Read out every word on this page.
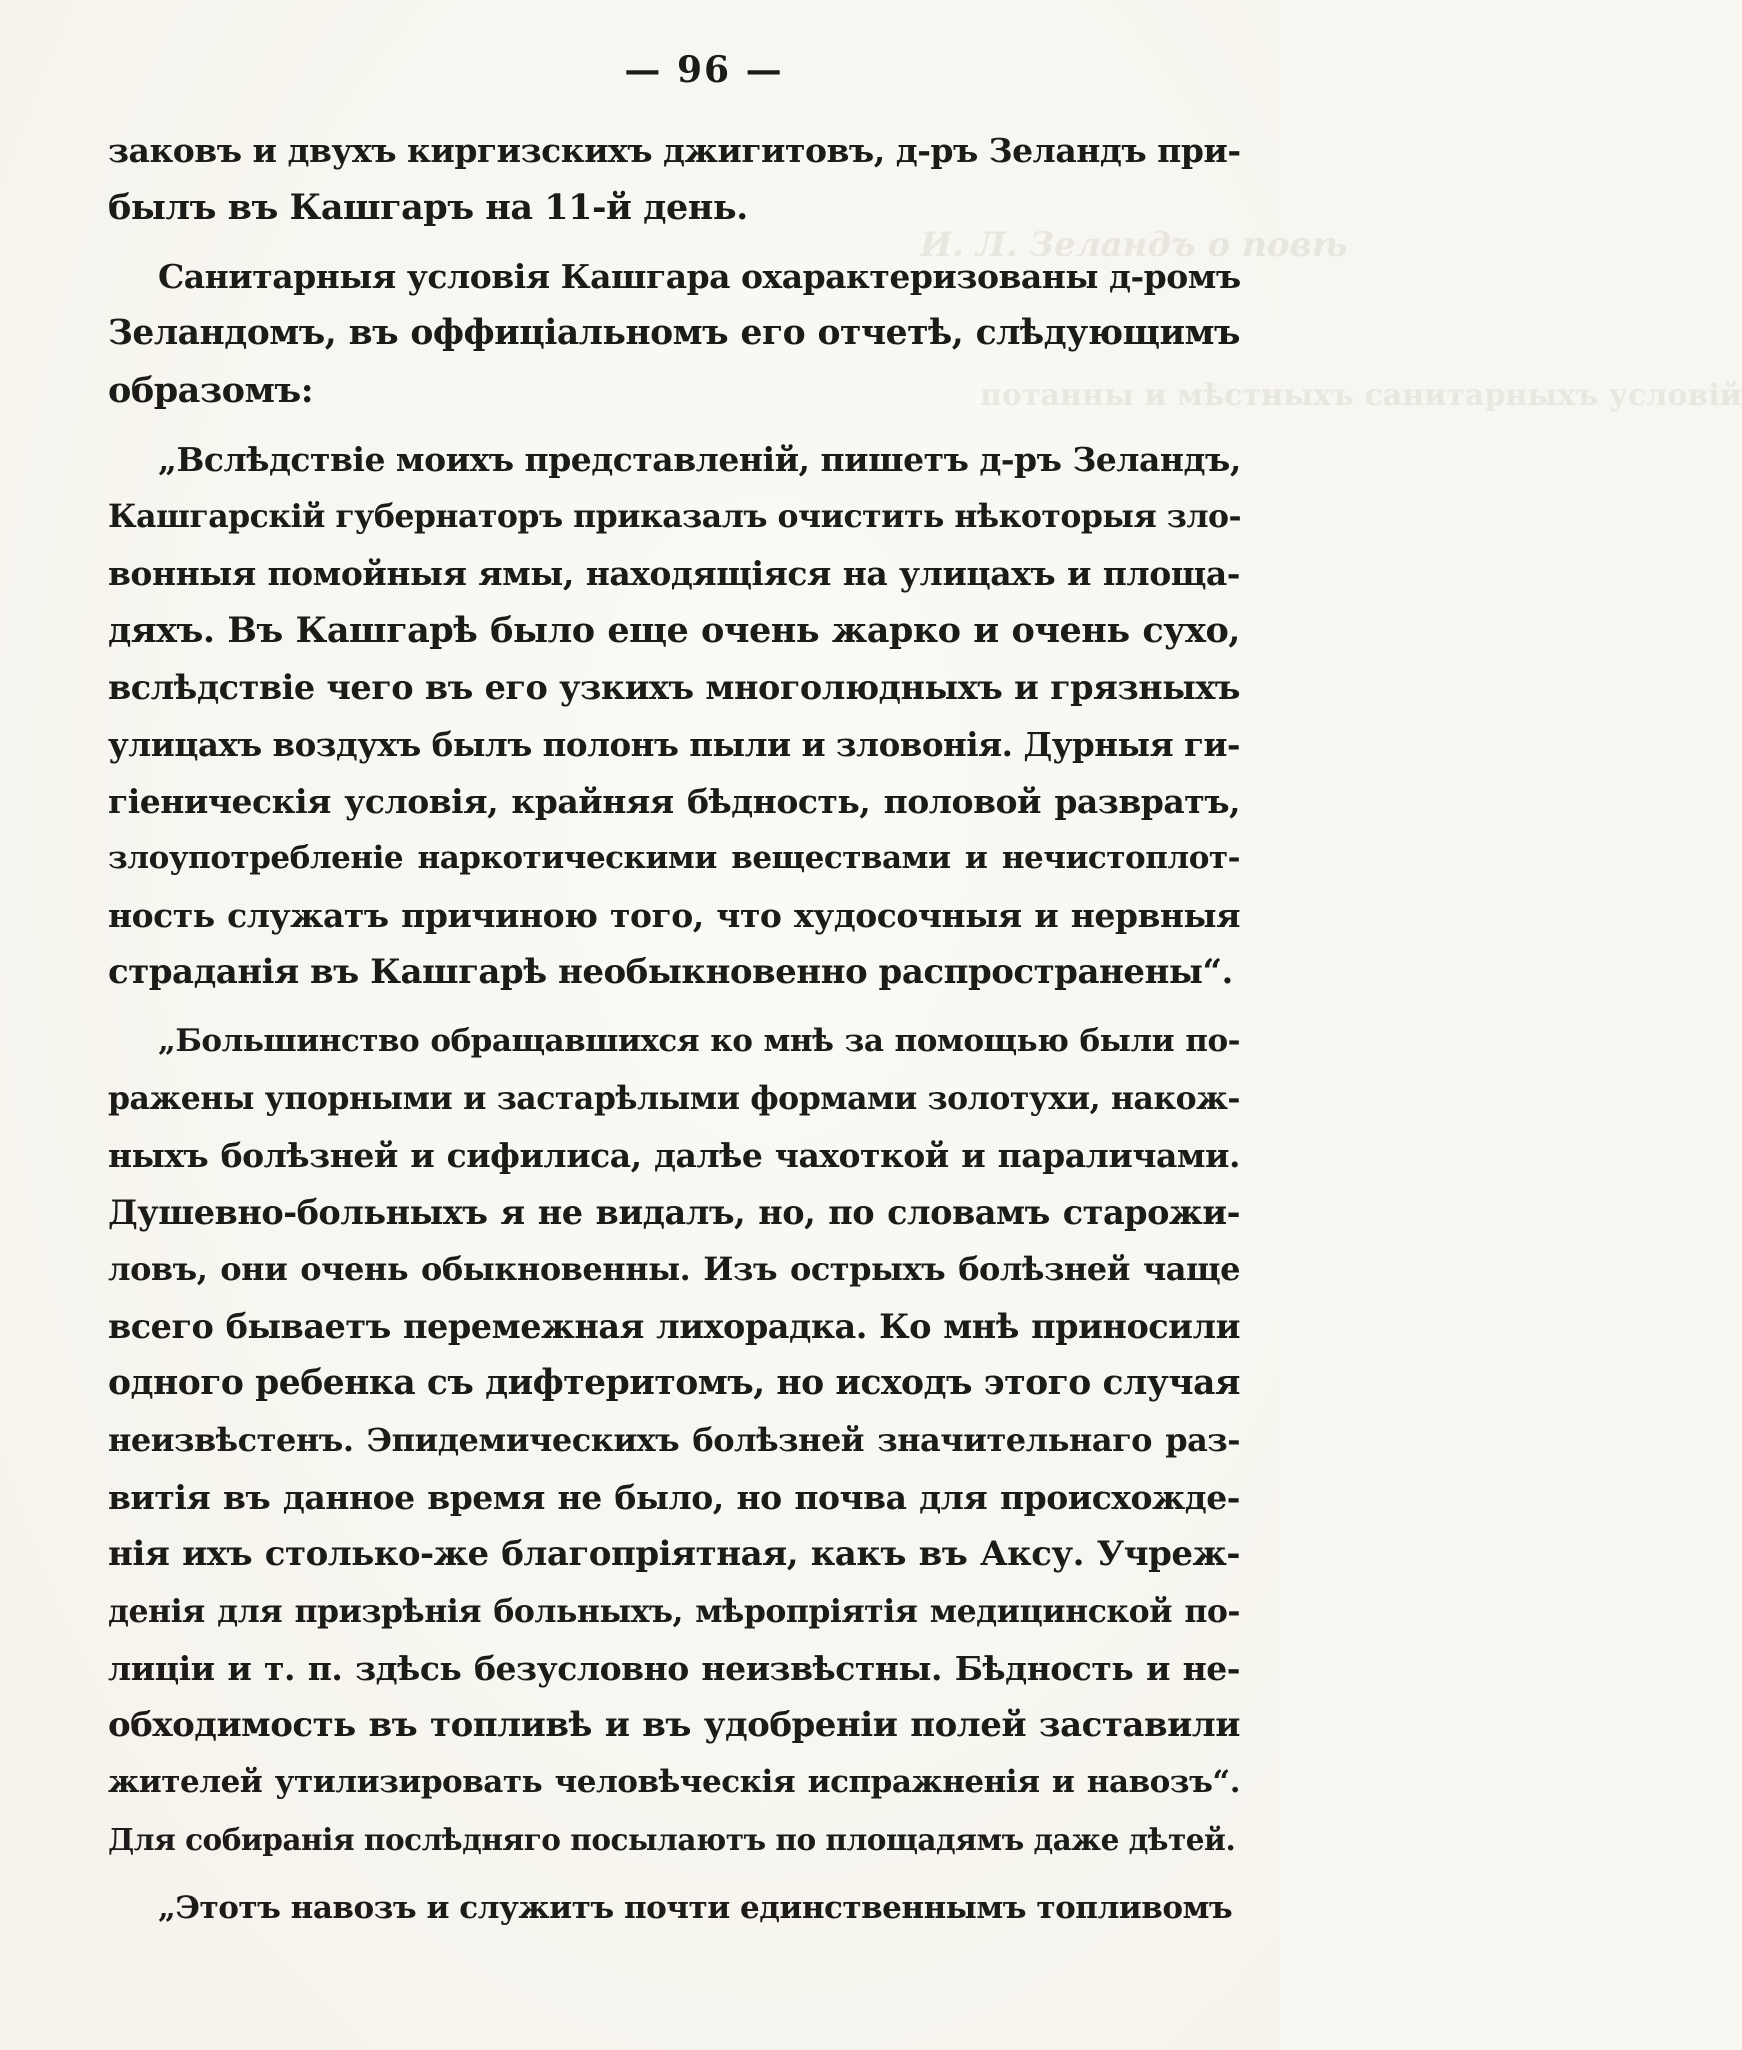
И. Л. Зеландъ о повѣ
потанны и мѣстныхъ санитарныхъ условій
— 96 —
заковъ и двухъ киргизскихъ джигитовъ, д-ръ Зеландъ при-
былъ въ Кашгаръ на 11-й день.
Санитарныя условія Кашгара охарактеризованы д-ромъ
Зеландомъ, въ оффиціальномъ его отчетѣ, слѣдующимъ
образомъ:
„Вслѣдствіе моихъ представленій, пишетъ д-ръ Зеландъ,
Кашгарскій губернаторъ приказалъ очистить нѣкоторыя зло-
вонныя помойныя ямы, находящіяся на улицахъ и площа-
дяхъ. Въ Кашгарѣ было еще очень жарко и очень сухо,
вслѣдствіе чего въ его узкихъ многолюдныхъ и грязныхъ
улицахъ воздухъ былъ полонъ пыли и зловонія. Дурныя ги-
гіеническія условія, крайняя бѣдность, половой развратъ,
злоупотребленіе наркотическими веществами и нечистоплот-
ность служатъ причиною того, что худосочныя и нервныя
страданія въ Кашгарѣ необыкновенно распространены“.
„Большинство обращавшихся ко мнѣ за помощью были по-
ражены упорными и застарѣлыми формами золотухи, накож-
ныхъ болѣзней и сифилиса, далѣе чахоткой и параличами.
Душевно-больныхъ я не видалъ, но, по словамъ старожи-
ловъ, они очень обыкновенны. Изъ острыхъ болѣзней чаще
всего бываетъ перемежная лихорадка. Ко мнѣ приносили
одного ребенка съ дифтеритомъ, но исходъ этого случая
неизвѣстенъ. Эпидемическихъ болѣзней значительнаго раз-
витія въ данное время не было, но почва для происхожде-
нія ихъ столько-же благопріятная, какъ въ Аксу. Учреж-
денія для призрѣнія больныхъ, мѣропріятія медицинской по-
лиціи и т. п. здѣсь безусловно неизвѣстны. Бѣдность и не-
обходимость въ топливѣ и въ удобреніи полей заставили
жителей утилизировать человѣческія испражненія и навозъ“.
Для собиранія послѣдняго посылаютъ по площадямъ даже дѣтей.
„Этотъ навозъ и служитъ почти единственнымъ топливомъ
